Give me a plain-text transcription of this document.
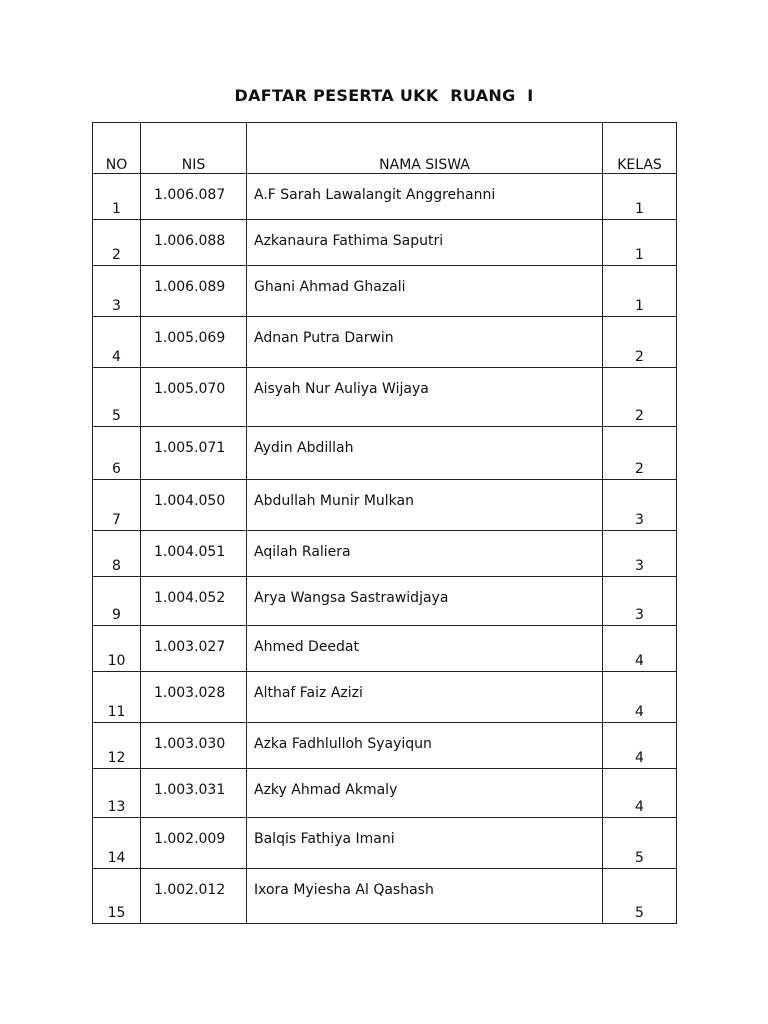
DAFTAR PESERTA UKK  RUANG  I
NO	NIS	NAMA SISWA	KELAS
1	1.006.087	A.F Sarah Lawalangit Anggrehanni	1
2	1.006.088	Azkanaura Fathima Saputri	1
3	1.006.089	Ghani Ahmad Ghazali	1
4	1.005.069	Adnan Putra Darwin	2
5	1.005.070	Aisyah Nur Auliya Wijaya	2
6	1.005.071	Aydin Abdillah	2
7	1.004.050	Abdullah Munir Mulkan	3
8	1.004.051	Aqilah Raliera	3
9	1.004.052	Arya Wangsa Sastrawidjaya	3
10	1.003.027	Ahmed Deedat	4
11	1.003.028	Althaf Faiz Azizi	4
12	1.003.030	Azka Fadhlulloh Syayiqun	4
13	1.003.031	Azky Ahmad Akmaly	4
14	1.002.009	Balqis Fathiya Imani	5
15	1.002.012	Ixora Myiesha Al Qashash	5
